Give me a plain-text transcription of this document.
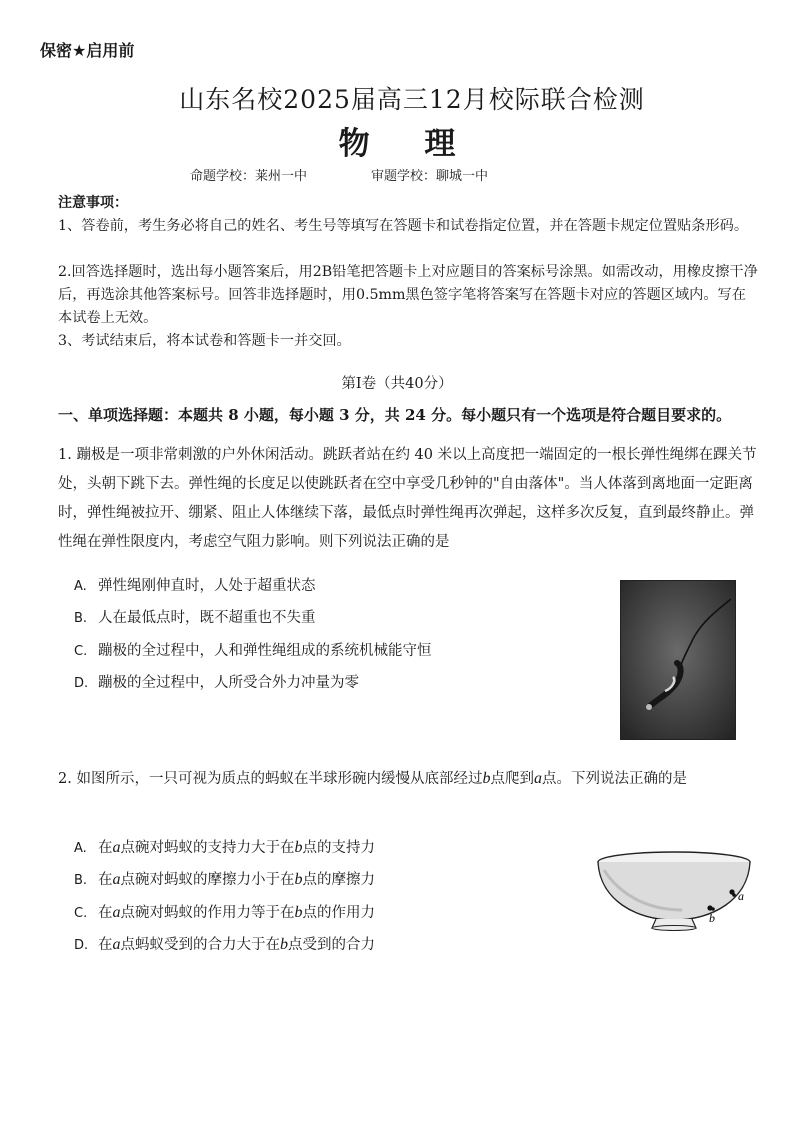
保密★启用前
山东名校2025届高三12月校际联合检测
物 理
命题学校：莱州一中	审题学校：聊城一中
注意事项：
1、答卷前，考生务必将自己的姓名、考生号等填写在答题卡和试卷指定位置，并在答题卡规定位置贴条形码。
2.回答选择题时，选出每小题答案后，用2B铅笔把答题卡上对应题目的答案标号涂黑。如需改动，用橡皮擦干净后，再选涂其他答案标号。回答非选择题时，用0.5mm黑色签字笔将答案写在答题卡对应的答题区域内。写在本试卷上无效。
3、考试结束后，将本试卷和答题卡一并交回。
第Ⅰ卷（共40分）
一、单项选择题：本题共 8 小题，每小题 3 分，共 24 分。每小题只有一个选项是符合题目要求的。
1. 蹦极是一项非常刺激的户外休闲活动。跳跃者站在约 40 米以上高度把一端固定的一根长弹性绳绑在踝关节处，头朝下跳下去。弹性绳的长度足以使跳跃者在空中享受几秒钟的"自由落体"。当人体落到离地面一定距离时，弹性绳被拉开、绷紧、阻止人体继续下落，最低点时弹性绳再次弹起，这样多次反复，直到最终静止。弹性绳在弹性限度内，考虑空气阻力影响。则下列说法正确的是
A. 弹性绳刚伸直时，人处于超重状态
B. 人在最低点时，既不超重也不失重
C. 蹦极的全过程中，人和弹性绳组成的系统机械能守恒
D. 蹦极的全过程中，人所受合外力冲量为零
2. 如图所示，一只可视为质点的蚂蚁在半球形碗内缓慢从底部经过b点爬到a点。下列说法正确的是
A. 在a点碗对蚂蚁的支持力大于在b点的支持力
B. 在a点碗对蚂蚁的摩擦力小于在b点的摩擦力
C. 在a点碗对蚂蚁的作用力等于在b点的作用力
D. 在a点蚂蚁受到的合力大于在b点受到的合力
a
b
